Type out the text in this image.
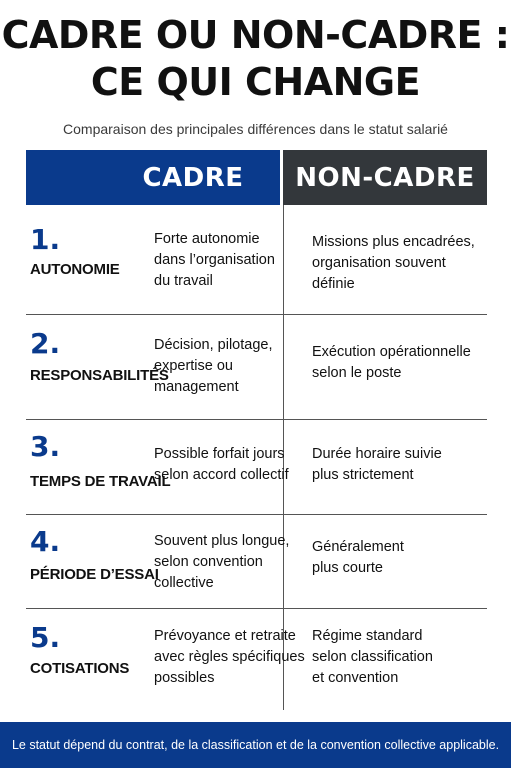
CADRE OU NON-CADRE :
CE QUI CHANGE
Comparaison des principales différences dans le statut salarié
CADRE	NON-CADRE
1.
AUTONOMIE
Forte autonomie
dans l’organisation
du travail
Missions plus encadrées,
organisation souvent
définie
2.
RESPONSABILITÉS
Décision, pilotage,
expertise ou
management
Exécution opérationnelle
selon le poste
3.
TEMPS DE TRAVAIL
Possible forfait jours
selon accord collectif
Durée horaire suivie
plus strictement
4.
PÉRIODE D’ESSAI
Souvent plus longue,
selon convention
collective
Généralement
plus courte
5.
COTISATIONS
Prévoyance et retraite
avec règles spécifiques
possibles
Régime standard
selon classification
et convention
Le statut dépend du contrat, de la classification et de la convention collective applicable.
